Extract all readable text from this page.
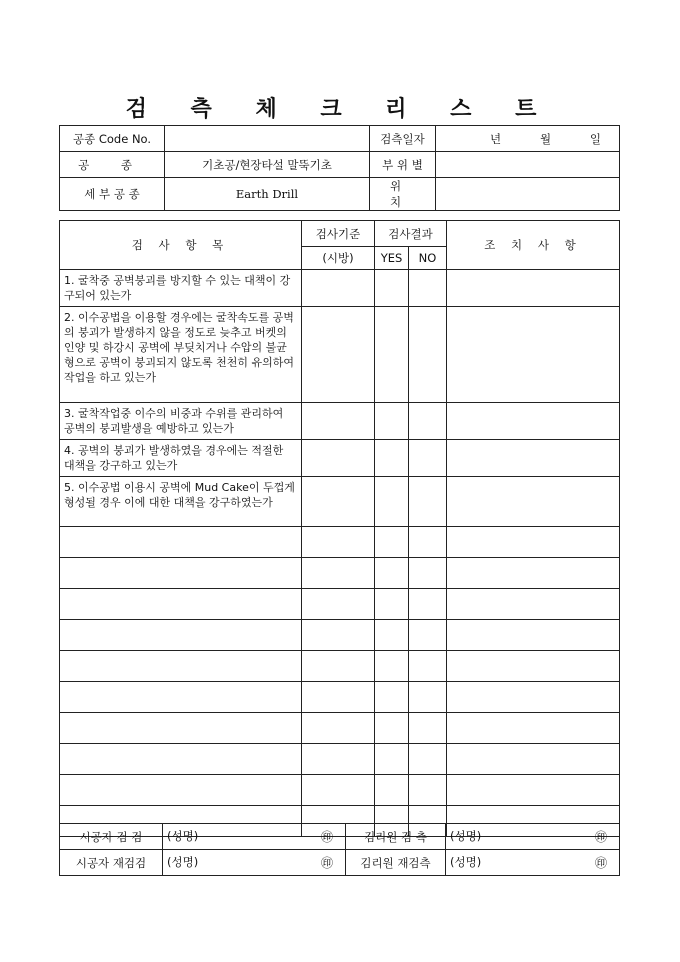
검 측 체 크 리 스 트
공종 Code No.		검측일자	년 월 일

공 종	기초공/현장타설 말뚝기초	부 위 별	
세 부 공 종	Earth Drill	위 치	
검 사 항 목	검사기준	검사결과		조 치 사 항
	(시방)	YES	NO	
1. 굴착중 공벽붕괴를 방지할 수 있는 대책이 강구되어 있는가				
2. 이수공법을 이용할 경우에는 굴착속도를 공벽의 붕괴가 발생하지 않을 정도로 늦추고 버켓의 인양 및 하강시 공벽에 부딪치거나 수압의 불균형으로 공벽이 붕괴되지 않도록 천천히 유의하여 작업을 하고 있는가				
3. 굴착작업중 이수의 비중과 수위를 관리하여 공벽의 붕괴발생을 예방하고 있는가				
4. 공벽의 붕괴가 발생하였을 경우에는 적절한 대책을 강구하고 있는가				
5. 이수공법 이용시 공벽에 Mud Cake이 두껍게 형성될 경우 이에 대한 대책을 강구하였는가				

시공자 검 검	(성명) ㊞	김리원 검 측	(성명) ㊞

시공자 재검검	(성명) ㊞	김리원 재검측	(성명) ㊞
